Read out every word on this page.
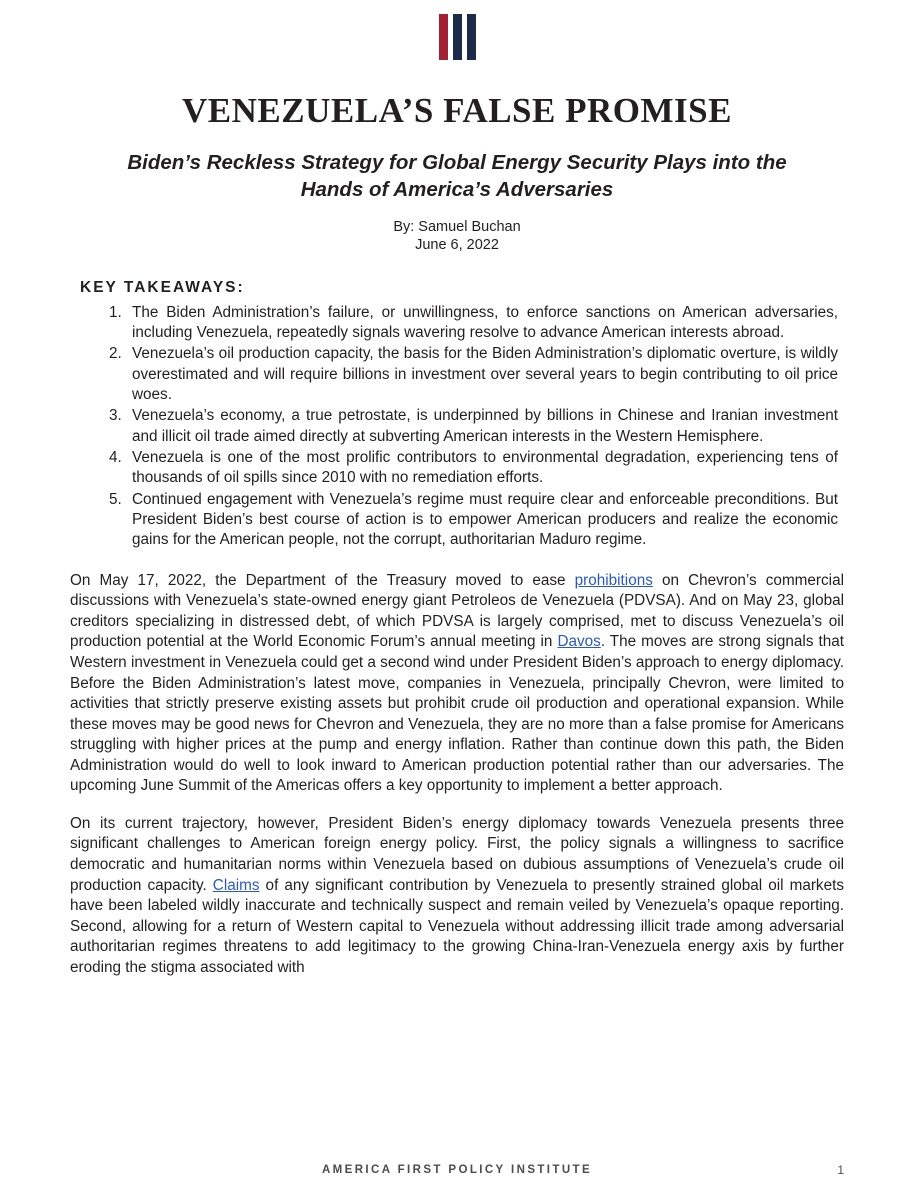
VENEZUELA’S FALSE PROMISE
Biden’s Reckless Strategy for Global Energy Security Plays into the Hands of America’s Adversaries
By: Samuel Buchan
June 6, 2022
KEY TAKEAWAYS:
1. The Biden Administration’s failure, or unwillingness, to enforce sanctions on American adversaries, including Venezuela, repeatedly signals wavering resolve to advance American interests abroad.
2. Venezuela’s oil production capacity, the basis for the Biden Administration’s diplomatic overture, is wildly overestimated and will require billions in investment over several years to begin contributing to oil price woes.
3. Venezuela’s economy, a true petrostate, is underpinned by billions in Chinese and Iranian investment and illicit oil trade aimed directly at subverting American interests in the Western Hemisphere.
4. Venezuela is one of the most prolific contributors to environmental degradation, experiencing tens of thousands of oil spills since 2010 with no remediation efforts.
5. Continued engagement with Venezuela’s regime must require clear and enforceable preconditions. But President Biden’s best course of action is to empower American producers and realize the economic gains for the American people, not the corrupt, authoritarian Maduro regime.

On May 17, 2022, the Department of the Treasury moved to ease prohibitions on Chevron’s commercial discussions with Venezuela’s state-owned energy giant Petroleos de Venezuela (PDVSA). And on May 23, global creditors specializing in distressed debt, of which PDVSA is largely comprised, met to discuss Venezuela’s oil production potential at the World Economic Forum’s annual meeting in Davos. The moves are strong signals that Western investment in Venezuela could get a second wind under President Biden’s approach to energy diplomacy. Before the Biden Administration’s latest move, companies in Venezuela, principally Chevron, were limited to activities that strictly preserve existing assets but prohibit crude oil production and operational expansion. While these moves may be good news for Chevron and Venezuela, they are no more than a false promise for Americans struggling with higher prices at the pump and energy inflation. Rather than continue down this path, the Biden Administration would do well to look inward to American production potential rather than our adversaries. The upcoming June Summit of the Americas offers a key opportunity to implement a better approach.

On its current trajectory, however, President Biden’s energy diplomacy towards Venezuela presents three significant challenges to American foreign energy policy. First, the policy signals a willingness to sacrifice democratic and humanitarian norms within Venezuela based on dubious assumptions of Venezuela’s crude oil production capacity. Claims of any significant contribution by Venezuela to presently strained global oil markets have been labeled wildly inaccurate and technically suspect and remain veiled by Venezuela’s opaque reporting. Second, allowing for a return of Western capital to Venezuela without addressing illicit trade among adversarial authoritarian regimes threatens to add legitimacy to the growing China-Iran-Venezuela energy axis by further eroding the stigma associated with

AMERICA FIRST POLICY INSTITUTE	1
